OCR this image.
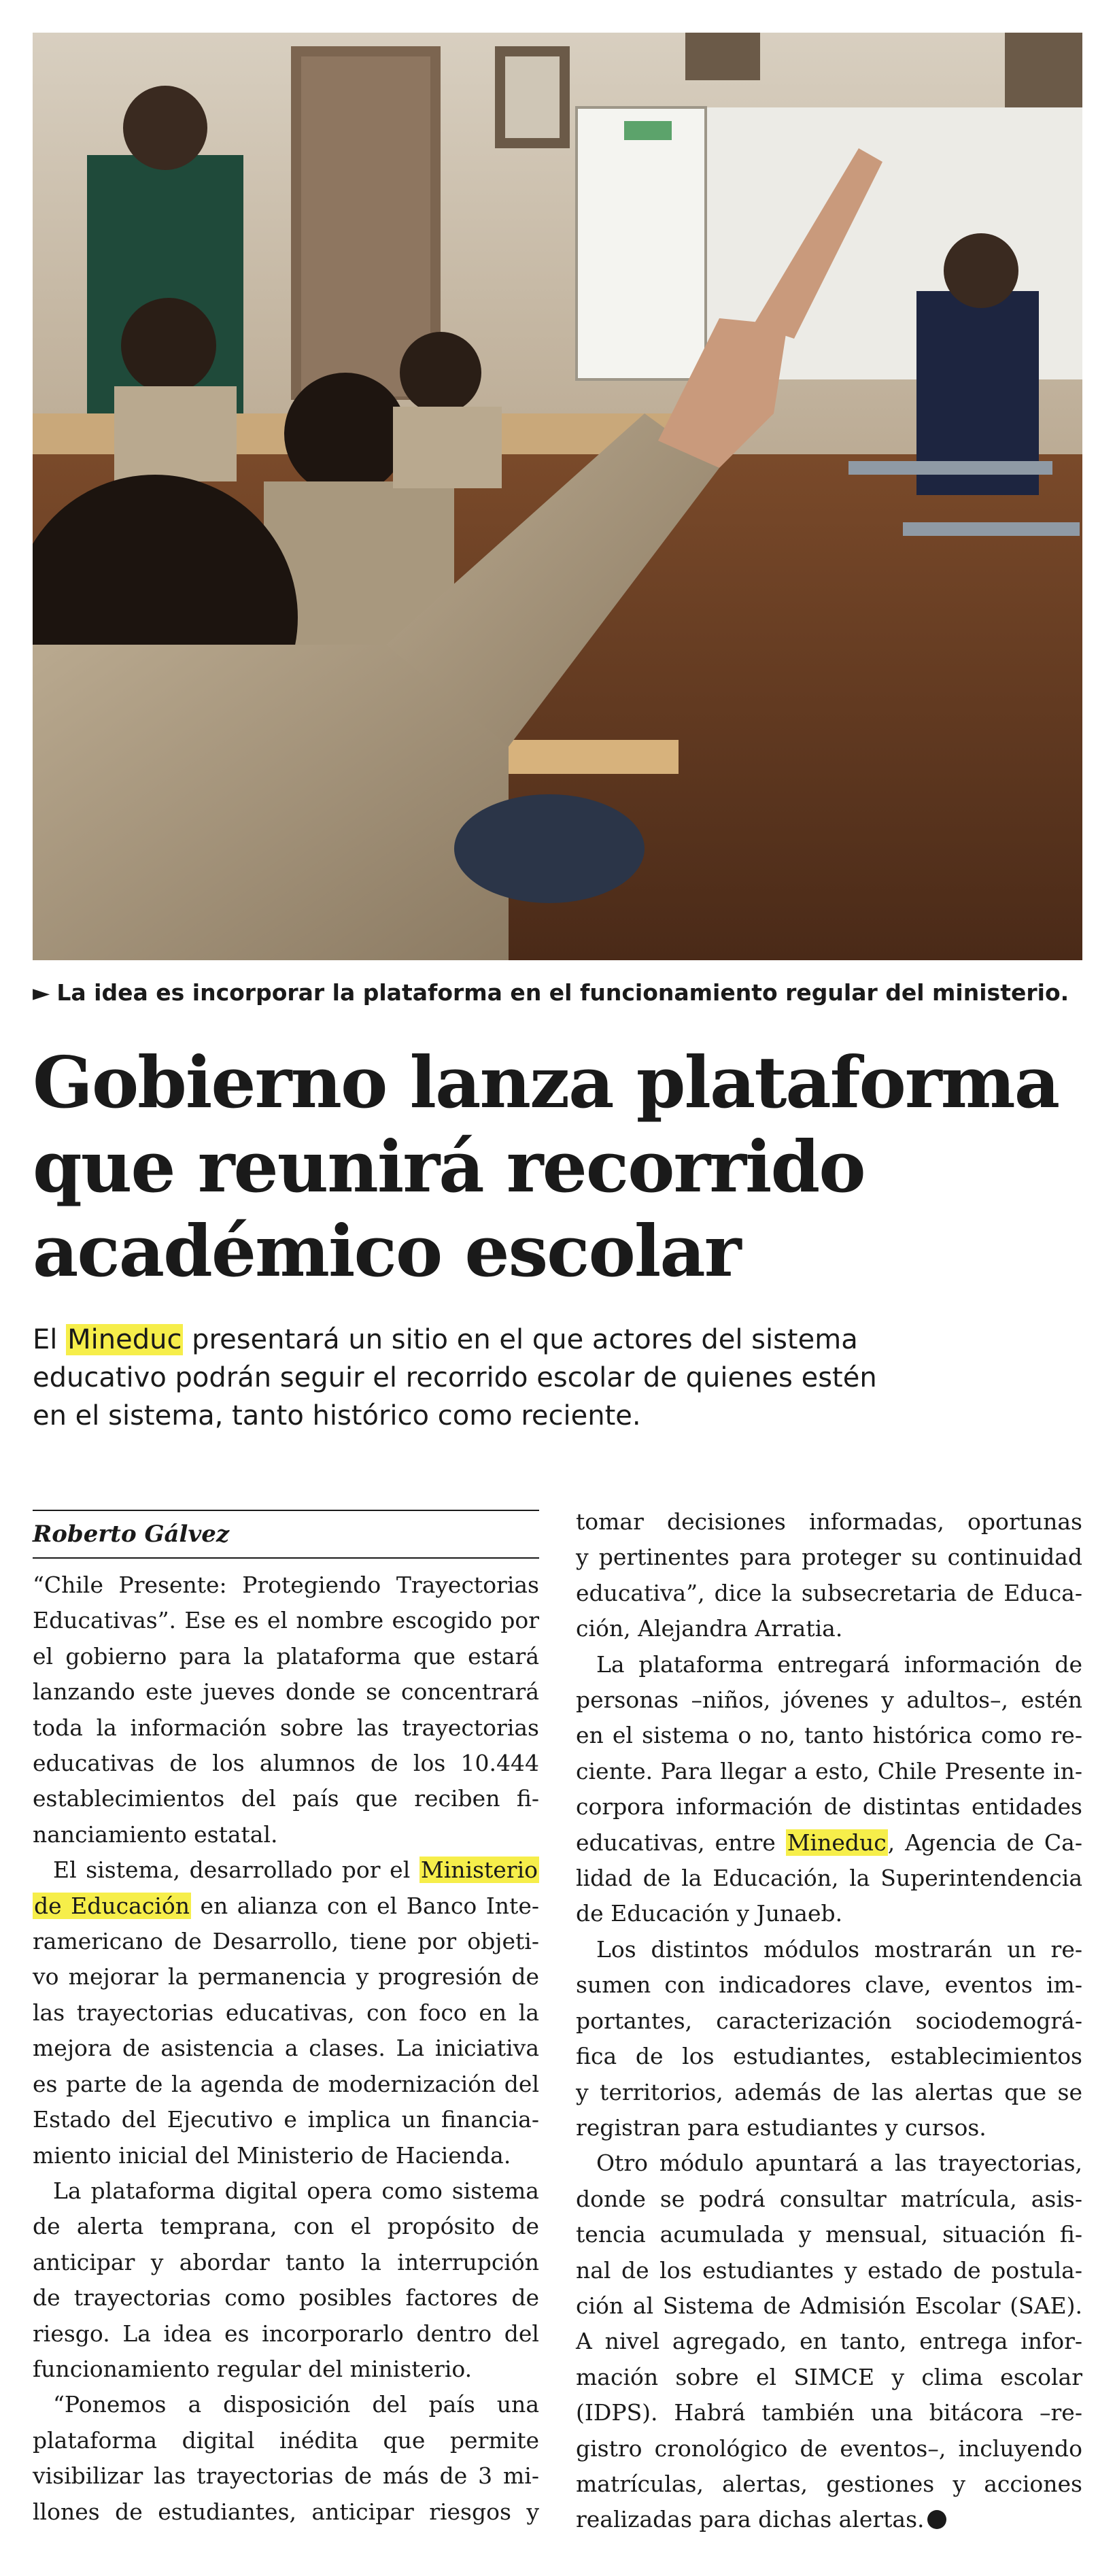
► La idea es incorporar la plataforma en el funcionamiento regular del ministerio.
Gobierno lanza plataforma
que reunirá recorrido
académico escolar
El Mineduc presentará un sitio en el que actores del sistema
educativo podrán seguir el recorrido escolar de quienes estén
en el sistema, tanto histórico como reciente.
Roberto Gálvez
“Chile Presente: Protegiendo Trayectorias
Educativas”. Ese es el nombre escogido por
el gobierno para la plataforma que estará
lanzando este jueves donde se concentrará
toda la información sobre las trayectorias
educativas de los alumnos de los 10.444
establecimientos del país que reciben fi-
nanciamiento estatal.
El sistema, desarrollado por el Ministerio
de Educación en alianza con el Banco Inte-
ramericano de Desarrollo, tiene por objeti-
vo mejorar la permanencia y progresión de
las trayectorias educativas, con foco en la
mejora de asistencia a clases. La iniciativa
es parte de la agenda de modernización del
Estado del Ejecutivo e implica un financia-
miento inicial del Ministerio de Hacienda.
La plataforma digital opera como sistema
de alerta temprana, con el propósito de
anticipar y abordar tanto la interrupción
de trayectorias como posibles factores de
riesgo. La idea es incorporarlo dentro del
funcionamiento regular del ministerio.
“Ponemos a disposición del país una
plataforma digital inédita que permite
visibilizar las trayectorias de más de 3 mi-
llones de estudiantes, anticipar riesgos y
tomar decisiones informadas, oportunas
y pertinentes para proteger su continuidad
educativa”, dice la subsecretaria de Educa-
ción, Alejandra Arratia.
La plataforma entregará información de
personas –niños, jóvenes y adultos–, estén
en el sistema o no, tanto histórica como re-
ciente. Para llegar a esto, Chile Presente in-
corpora información de distintas entidades
educativas, entre Mineduc, Agencia de Ca-
lidad de la Educación, la Superintendencia
de Educación y Junaeb.
Los distintos módulos mostrarán un re-
sumen con indicadores clave, eventos im-
portantes, caracterización sociodemográ-
fica de los estudiantes, establecimientos
y territorios, además de las alertas que se
registran para estudiantes y cursos.
Otro módulo apuntará a las trayectorias,
donde se podrá consultar matrícula, asis-
tencia acumulada y mensual, situación fi-
nal de los estudiantes y estado de postula-
ción al Sistema de Admisión Escolar (SAE).
A nivel agregado, en tanto, entrega infor-
mación sobre el SIMCE y clima escolar
(IDPS). Habrá también una bitácora –re-
gistro cronológico de eventos–, incluyendo
matrículas, alertas, gestiones y acciones
realizadas para dichas alertas.
